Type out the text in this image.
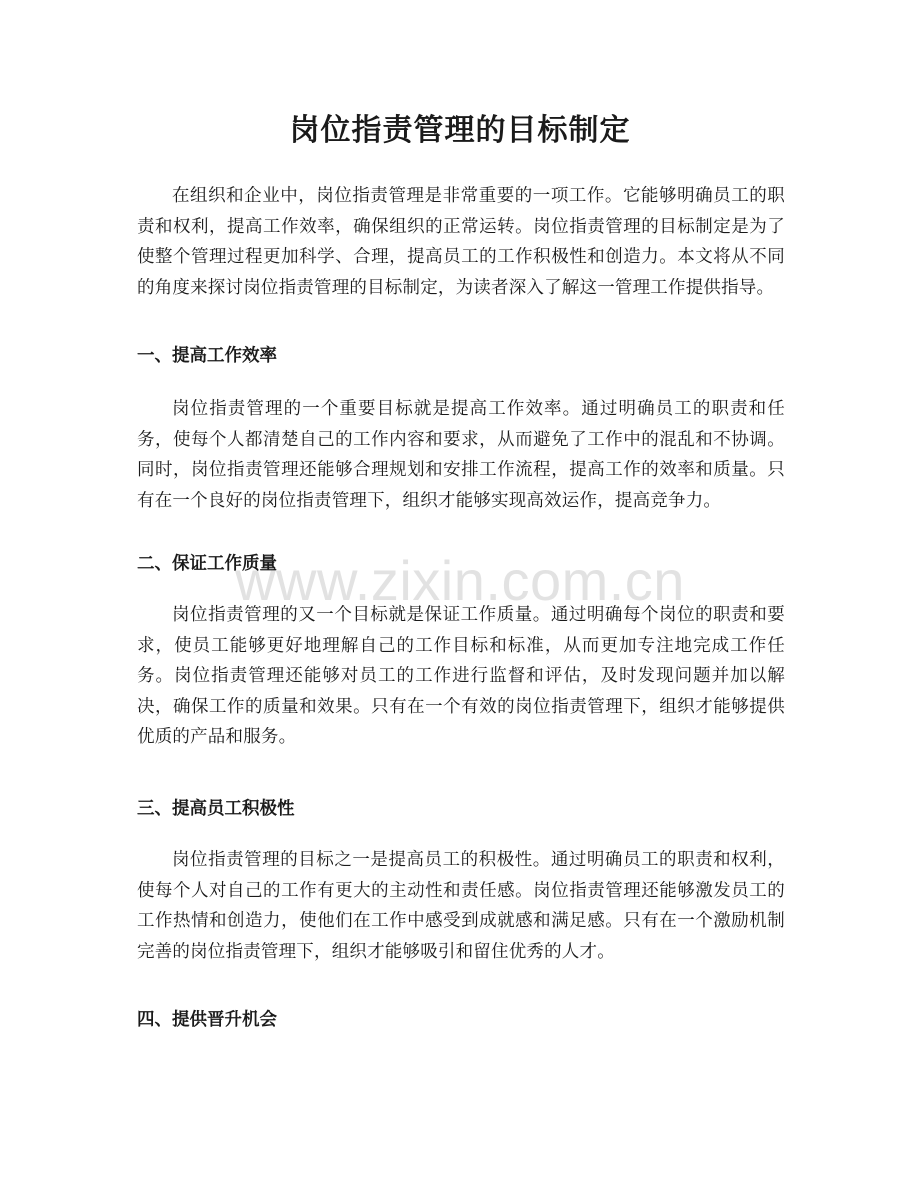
岗位指责管理的目标制定

在组织和企业中，岗位指责管理是非常重要的一项工作。它能够明确员工的职责和权利，提高工作效率，确保组织的正常运转。岗位指责管理的目标制定是为了使整个管理过程更加科学、合理，提高员工的工作积极性和创造力。本文将从不同的角度来探讨岗位指责管理的目标制定，为读者深入了解这一管理工作提供指导。

一、提高工作效率

岗位指责管理的一个重要目标就是提高工作效率。通过明确员工的职责和任务，使每个人都清楚自己的工作内容和要求，从而避免了工作中的混乱和不协调。同时，岗位指责管理还能够合理规划和安排工作流程，提高工作的效率和质量。只有在一个良好的岗位指责管理下，组织才能够实现高效运作，提高竞争力。

二、保证工作质量

岗位指责管理的又一个目标就是保证工作质量。通过明确每个岗位的职责和要求，使员工能够更好地理解自己的工作目标和标准，从而更加专注地完成工作任务。岗位指责管理还能够对员工的工作进行监督和评估，及时发现问题并加以解决，确保工作的质量和效果。只有在一个有效的岗位指责管理下，组织才能够提供优质的产品和服务。

三、提高员工积极性

岗位指责管理的目标之一是提高员工的积极性。通过明确员工的职责和权利，使每个人对自己的工作有更大的主动性和责任感。岗位指责管理还能够激发员工的工作热情和创造力，使他们在工作中感受到成就感和满足感。只有在一个激励机制完善的岗位指责管理下，组织才能够吸引和留住优秀的人才。

四、提供晋升机会
www.zixin.com.cn
